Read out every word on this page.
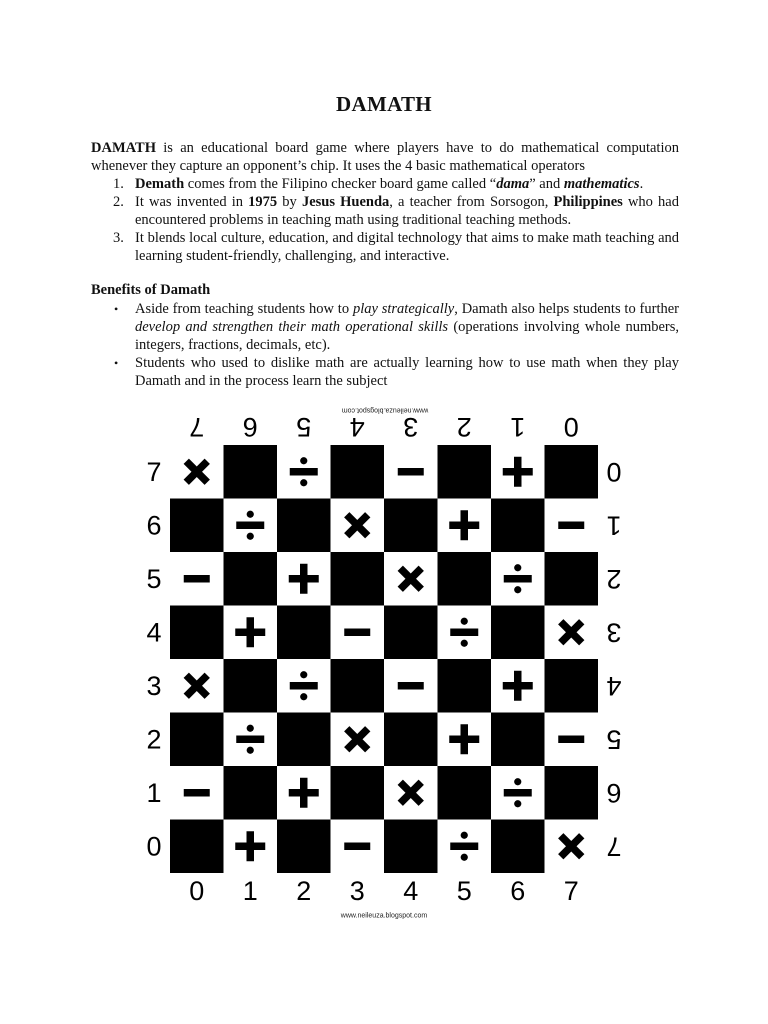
DAMATH

DAMATH is an educational board game where players have to do mathematical computation whenever they capture an opponent’s chip. It uses the 4 basic mathematical operators

1. Demath comes from the Filipino checker board game called “dama” and mathematics.
2. It was invented in 1975 by Jesus Huenda, a teacher from Sorsogon, Philippines who had encountered problems in teaching math using traditional teaching methods.
3. It blends local culture, education, and digital technology that aims to make math teaching and learning student-friendly, challenging, and interactive.

Benefits of Damath

• Aside from teaching students how to play strategically, Damath also helps students to further develop and strengthen their math operational skills (operations involving whole numbers, integers, fractions, decimals, etc).
• Students who used to dislike math are actually learning how to use math when they play Damath and in the process learn the subject
7 6 5 4 3 2 1 0
0 1 2 3 4 5 6 7
7
6
5
4
3
2
1
0
0
1
2
3
4
5
6
7
www.neileuza.blogspot.com
www.neileuza.blogspot.com
